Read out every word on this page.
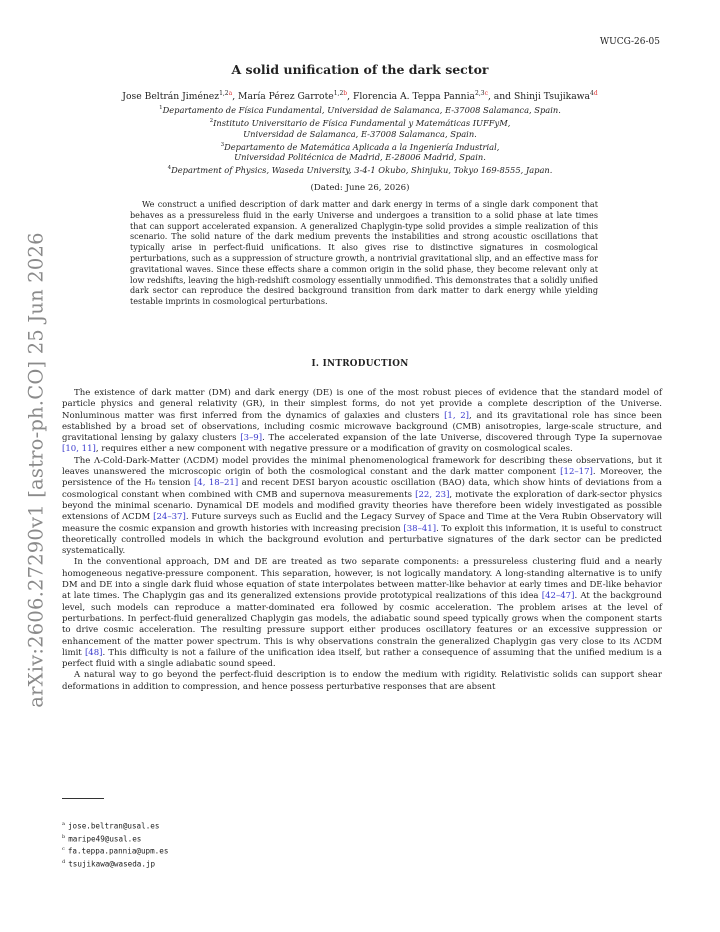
WUCG-26-05
arXiv:2606.27290v1 [astro-ph.CO] 25 Jun 2026
A solid unification of the dark sector
Jose Beltrán Jiménez$^{1,2a}$, María Pérez Garrote$^{1,2b}$, Florencia A. Teppa Pannia$^{2,3c}$, and Shinji Tsujikawa$^{4d}$
$^1$Departamento de Física Fundamental, Universidad de Salamanca, E-37008 Salamanca, Spain.
$^2$Instituto Universitario de Física Fundamental y Matemáticas IUFFyM,
Universidad de Salamanca, E-37008 Salamanca, Spain.
$^3$Departamento de Matemática Aplicada a la Ingeniería Industrial,
Universidad Politécnica de Madrid, E-28006 Madrid, Spain.
$^4$Department of Physics, Waseda University, 3-4-1 Okubo, Shinjuku, Tokyo 169-8555, Japan.
(Dated: June 26, 2026)

We construct a unified description of dark matter and dark energy in terms of a single dark component that behaves as a pressureless fluid in the early Universe and undergoes a transition to a solid phase at late times that can support accelerated expansion. A generalized Chaplygin-type solid provides a simple realization of this scenario. The solid nature of the dark medium prevents the instabilities and strong acoustic oscillations that typically arise in perfect-fluid unifications. It also gives rise to distinctive signatures in cosmological perturbations, such as a suppression of structure growth, a nontrivial gravitational slip, and an effective mass for gravitational waves. Since these effects share a common origin in the solid phase, they become relevant only at low redshifts, leaving the high-redshift cosmology essentially unmodified. This demonstrates that a solidly unified dark sector can reproduce the desired background transition from dark matter to dark energy while yielding testable imprints in cosmological perturbations.

I. INTRODUCTION

The existence of dark matter (DM) and dark energy (DE) is one of the most robust pieces of evidence that the standard model of particle physics and general relativity (GR), in their simplest forms, do not yet provide a complete description of the Universe. Nonluminous matter was first inferred from the dynamics of galaxies and clusters [1, 2], and its gravitational role has since been established by a broad set of observations, including cosmic microwave background (CMB) anisotropies, large-scale structure, and gravitational lensing by galaxy clusters [3–9]. The accelerated expansion of the late Universe, discovered through Type Ia supernovae [10, 11], requires either a new component with negative pressure or a modification of gravity on cosmological scales.

The Λ-Cold-Dark-Matter (ΛCDM) model provides the minimal phenomenological framework for describing these observations, but it leaves unanswered the microscopic origin of both the cosmological constant and the dark matter component [12–17]. Moreover, the persistence of the H₀ tension [4, 18–21] and recent DESI baryon acoustic oscillation (BAO) data, which show hints of deviations from a cosmological constant when combined with CMB and supernova measurements [22, 23], motivate the exploration of dark-sector physics beyond the minimal scenario. Dynamical DE models and modified gravity theories have therefore been widely investigated as possible extensions of ΛCDM [24–37]. Future surveys such as Euclid and the Legacy Survey of Space and Time at the Vera Rubin Observatory will measure the cosmic expansion and growth histories with increasing precision [38–41]. To exploit this information, it is useful to construct theoretically controlled models in which the background evolution and perturbative signatures of the dark sector can be predicted systematically.

In the conventional approach, DM and DE are treated as two separate components: a pressureless clustering fluid and a nearly homogeneous negative-pressure component. This separation, however, is not logically mandatory. A long-standing alternative is to unify DM and DE into a single dark fluid whose equation of state interpolates between matter-like behavior at early times and DE-like behavior at late times. The Chaplygin gas and its generalized extensions provide prototypical realizations of this idea [42–47]. At the background level, such models can reproduce a matter-dominated era followed by cosmic acceleration. The problem arises at the level of perturbations. In perfect-fluid generalized Chaplygin gas models, the adiabatic sound speed typically grows when the component starts to drive cosmic acceleration. The resulting pressure support either produces oscillatory features or an excessive suppression or enhancement of the matter power spectrum. This is why observations constrain the generalized Chaplygin gas very close to its ΛCDM limit [48]. This difficulty is not a failure of the unification idea itself, but rather a consequence of assuming that the unified medium is a perfect fluid with a single adiabatic sound speed.

A natural way to go beyond the perfect-fluid description is to endow the medium with rigidity. Relativistic solids can support shear deformations in addition to compression, and hence possess perturbative responses that are absent

$^a$ jose.beltran@usal.es
$^b$ maripe49@usal.es
$^c$ fa.teppa.pannia@upm.es
$^d$ tsujikawa@waseda.jp
